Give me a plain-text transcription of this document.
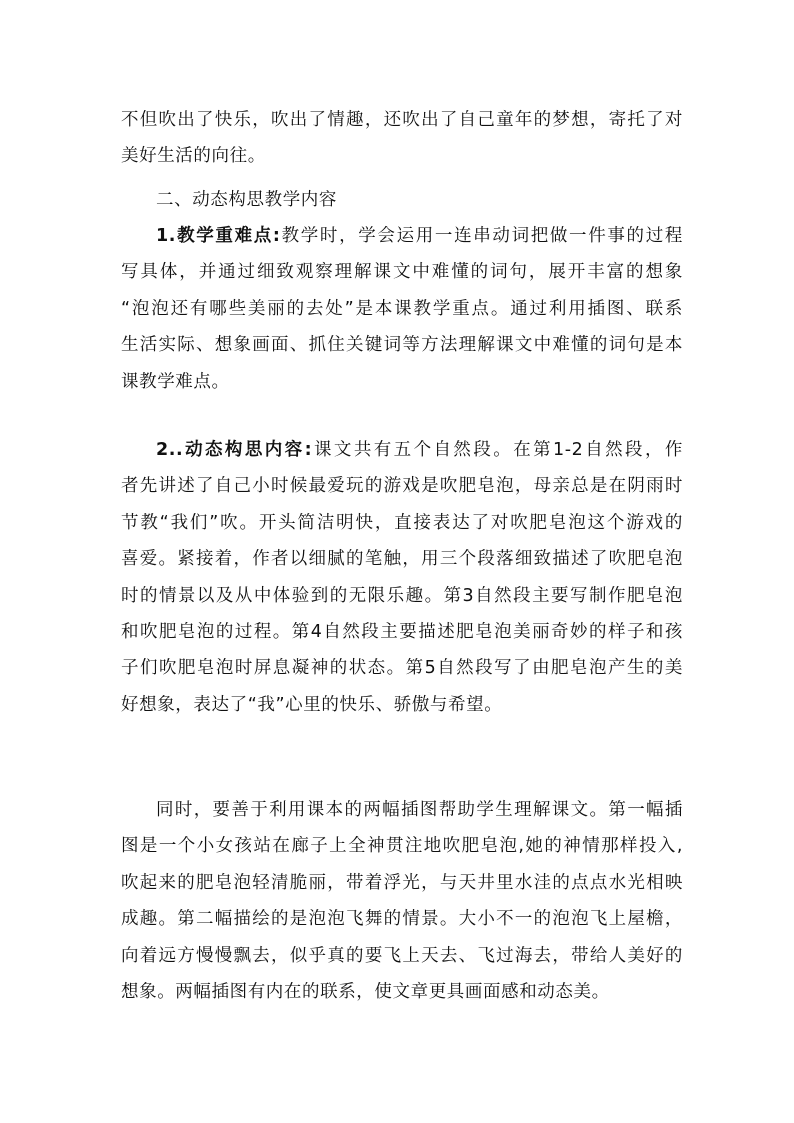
不但吹出了快乐，吹出了情趣，还吹出了自己童年的梦想，寄托了对
美好生活的向往。
二、动态构思教学内容
1.教学重难点:教学时，学会运用一连串动词把做一件事的过程
写具体，并通过细致观察理解课文中难懂的词句，展开丰富的想象
“泡泡还有哪些美丽的去处”是本课教学重点。通过利用插图、联系
生活实际、想象画面、抓住关键词等方法理解课文中难懂的词句是本
课教学难点。
2..动态构思内容:课文共有五个自然段。在第1-2自然段，作
者先讲述了自己小时候最爱玩的游戏是吹肥皂泡，母亲总是在阴雨时
节教“我们”吹。开头简洁明快，直接表达了对吹肥皂泡这个游戏的
喜爱。紧接着，作者以细腻的笔触，用三个段落细致描述了吹肥皂泡
时的情景以及从中体验到的无限乐趣。第3自然段主要写制作肥皂泡
和吹肥皂泡的过程。第4自然段主要描述肥皂泡美丽奇妙的样子和孩
子们吹肥皂泡时屏息凝神的状态。第5自然段写了由肥皂泡产生的美
好想象，表达了“我”心里的快乐、骄傲与希望。
同时，要善于利用课本的两幅插图帮助学生理解课文。第一幅插
图是一个小女孩站在廊子上全神贯注地吹肥皂泡,她的神情那样投入,
吹起来的肥皂泡轻清脆丽，带着浮光，与天井里水洼的点点水光相映
成趣。第二幅描绘的是泡泡飞舞的情景。大小不一的泡泡飞上屋檐，
向着远方慢慢飘去，似乎真的要飞上天去、飞过海去，带给人美好的
想象。两幅插图有内在的联系，使文章更具画面感和动态美。
